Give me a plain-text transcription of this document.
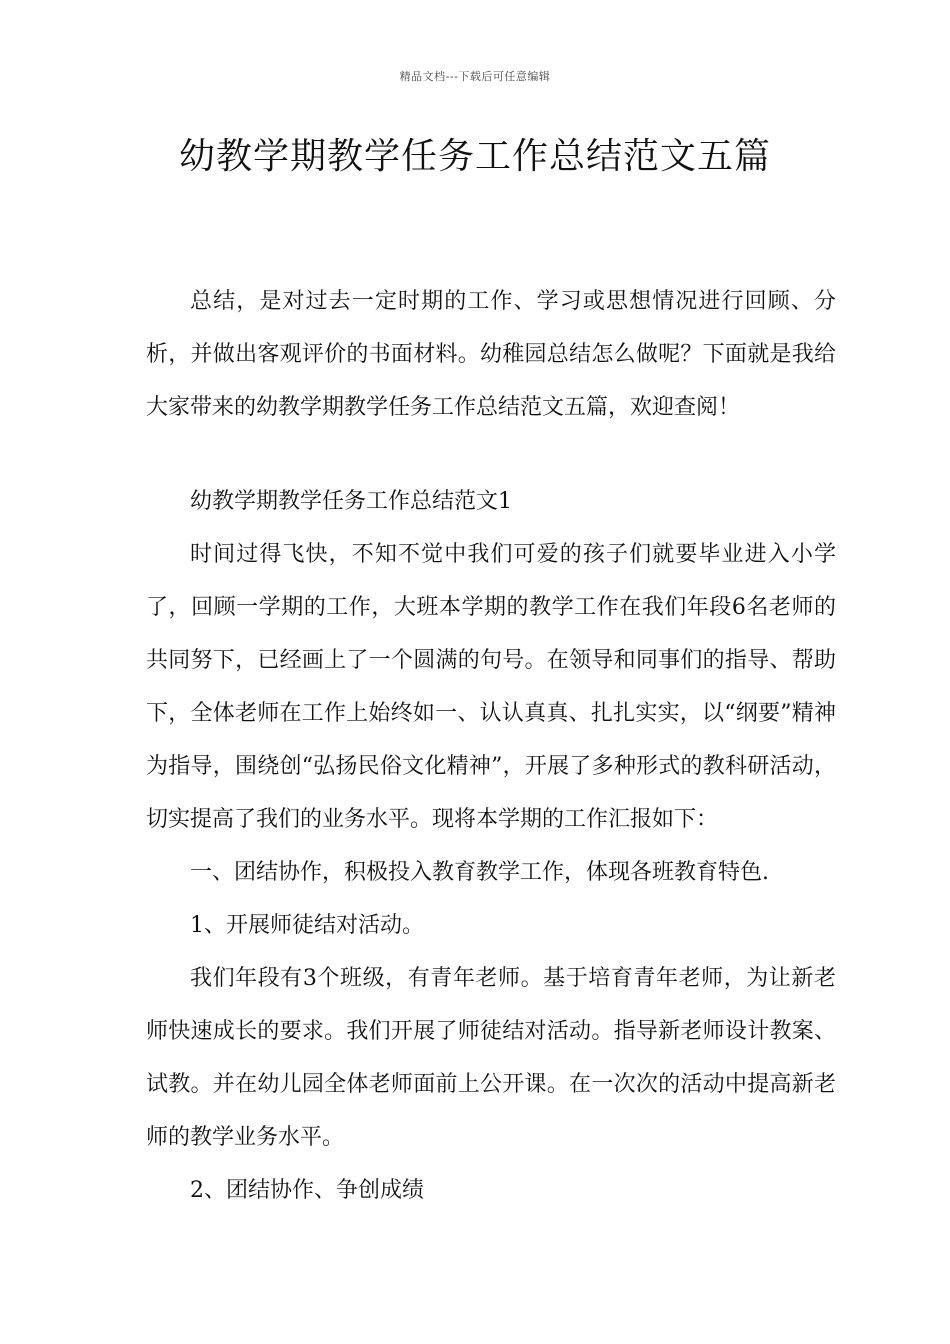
精品文档---下载后可任意编辑
幼教学期教学任务工作总结范文五篇

总结，是对过去一定时期的工作、学习或思想情况进行回顾、分析，并做出客观评价的书面材料。幼稚园总结怎么做呢？下面就是我给大家带来的幼教学期教学任务工作总结范文五篇，欢迎查阅！

幼教学期教学任务工作总结范文1

时间过得飞快，不知不觉中我们可爱的孩子们就要毕业进入小学了，回顾一学期的工作，大班本学期的教学工作在我们年段6名老师的共同努下，已经画上了一个圆满的句号。在领导和同事们的指导、帮助下，全体老师在工作上始终如一、认认真真、扎扎实实，以“纲要”精神为指导，围绕创“弘扬民俗文化精神”，开展了多种形式的教科研活动，切实提高了我们的业务水平。现将本学期的工作汇报如下：

一、团结协作，积极投入教育教学工作，体现各班教育特色.

1、开展师徒结对活动。

我们年段有3个班级，有青年老师。基于培育青年老师，为让新老师快速成长的要求。我们开展了师徒结对活动。指导新老师设计教案、试教。并在幼儿园全体老师面前上公开课。在一次次的活动中提高新老师的教学业务水平。

2、团结协作、争创成绩
